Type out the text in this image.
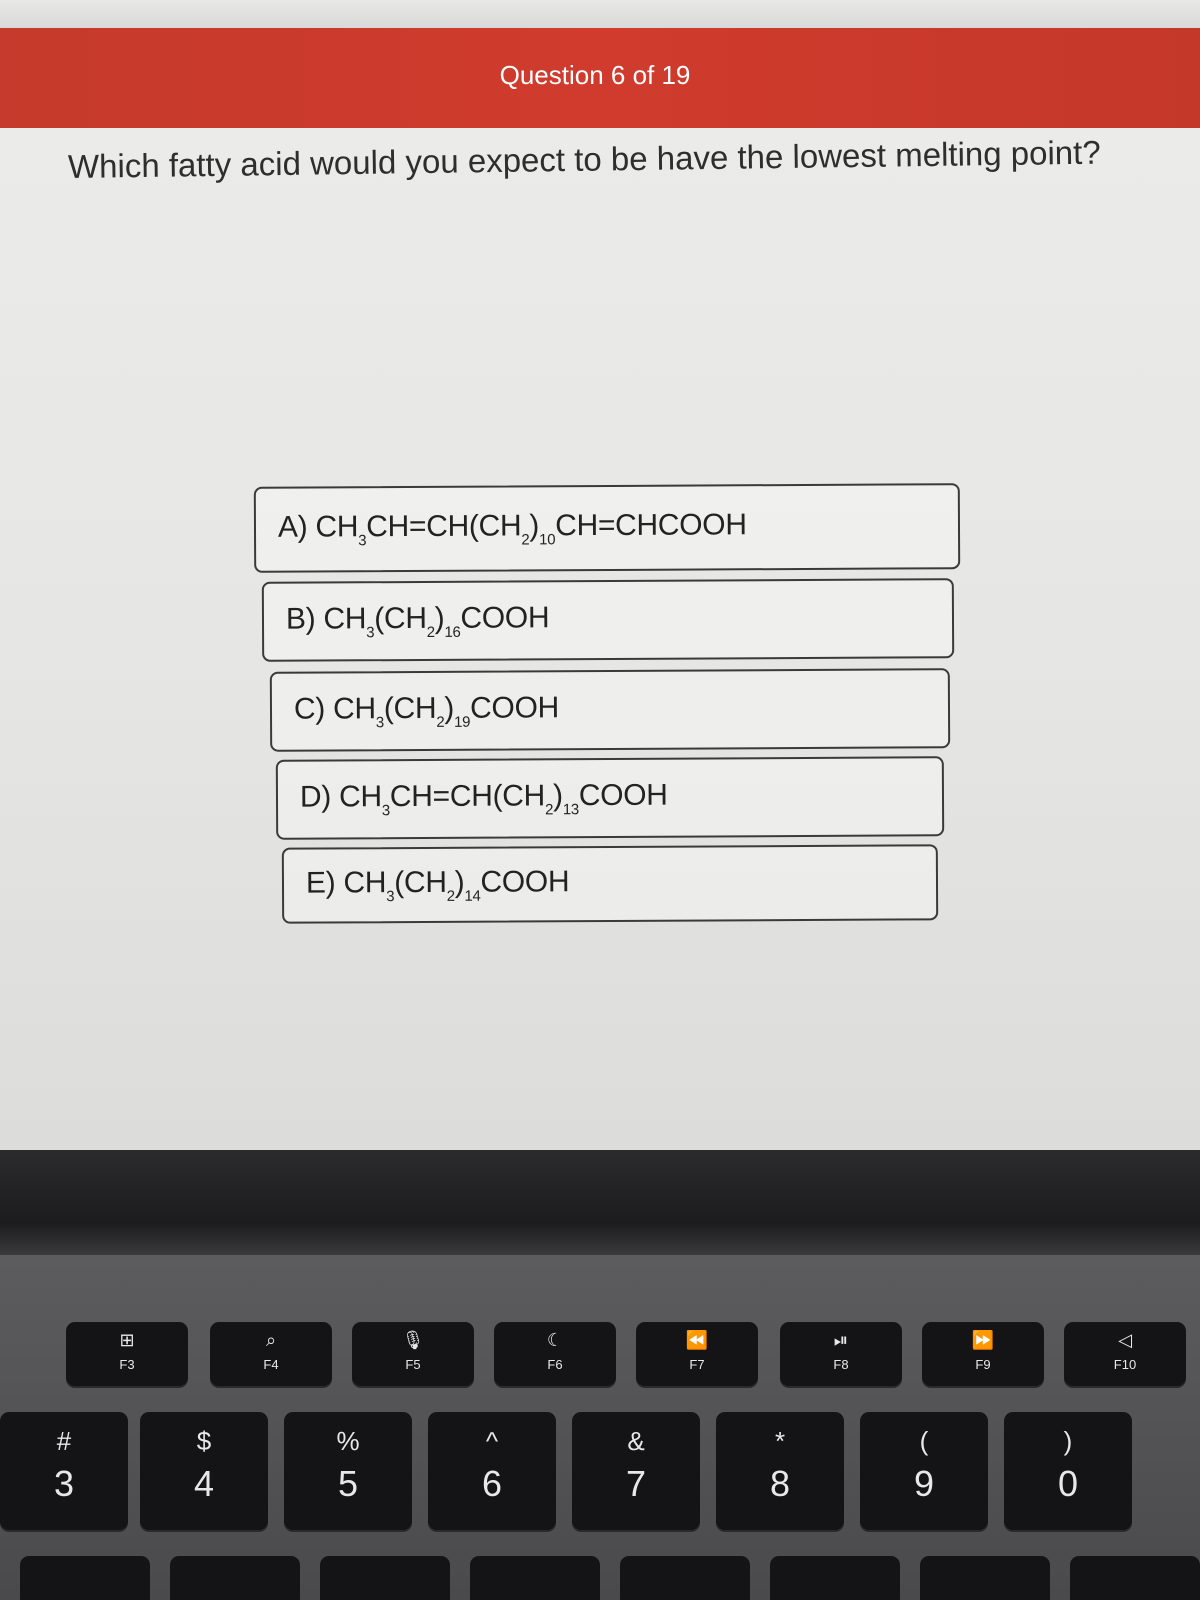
Question 6 of 19
Which fatty acid would you expect to be have the lowest melting point?
A) $CH_3CH=CH(CH_2)_{10}CH=CHCOOH$
B) $CH_3(CH_2)_{16}COOH$
C) $CH_3(CH_2)_{19}COOH$
D) $CH_3CH=CH(CH_2)_{13}COOH$
E) $CH_3(CH_2)_{14}COOH$
⊞
F3
⌕
F4
🎙
F5
☾
F6
⏪
F7
⏯
F8
⏩
F9
◁
F10
#
3
$
4
%
5
^
6
&
7
*
8
(
9
)
0
